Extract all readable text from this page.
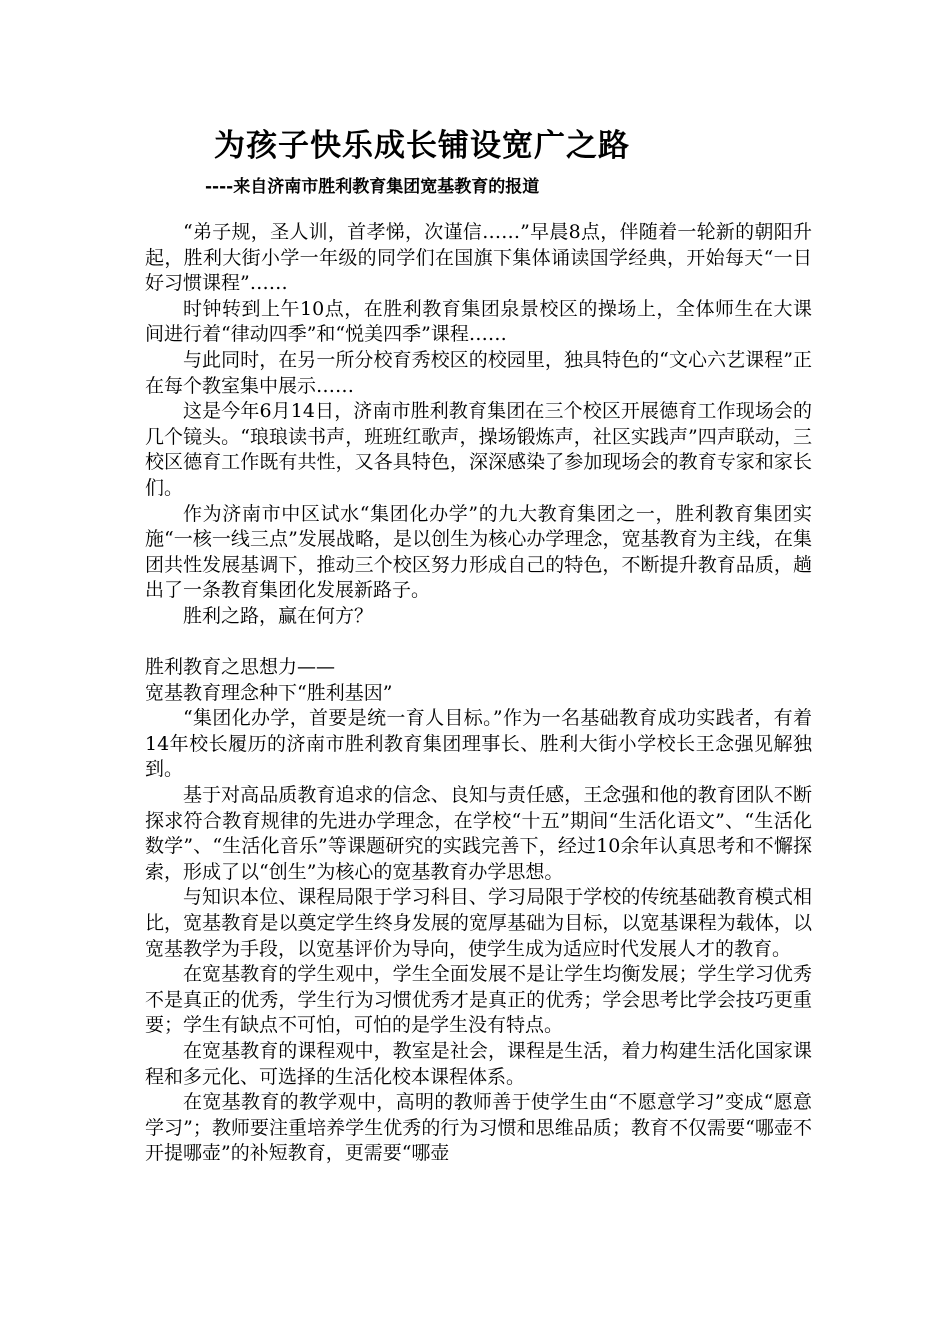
为孩子快乐成长铺设宽广之路
----来自济南市胜利教育集团宽基教育的报道

“弟子规，圣人训，首孝悌，次谨信……”早晨8点，伴随着一轮新的朝阳升起，胜利大街小学一年级的同学们在国旗下集体诵读国学经典，开始每天“一日好习惯课程”……

时钟转到上午10点，在胜利教育集团泉景校区的操场上，全体师生在大课间进行着“律动四季”和“悦美四季”课程……

与此同时，在另一所分校育秀校区的校园里，独具特色的“文心六艺课程”正在每个教室集中展示……

这是今年6月14日，济南市胜利教育集团在三个校区开展德育工作现场会的几个镜头。“琅琅读书声，班班红歌声，操场锻炼声，社区实践声”四声联动，三校区德育工作既有共性，又各具特色，深深感染了参加现场会的教育专家和家长们。

作为济南市中区试水“集团化办学”的九大教育集团之一，胜利教育集团实施“一核一线三点”发展战略，是以创生为核心办学理念，宽基教育为主线，在集团共性发展基调下，推动三个校区努力形成自己的特色，不断提升教育品质，趟出了一条教育集团化发展新路子。

胜利之路，赢在何方？

胜利教育之思想力——

宽基教育理念种下“胜利基因”

“集团化办学，首要是统一育人目标。”作为一名基础教育成功实践者，有着14年校长履历的济南市胜利教育集团理事长、胜利大街小学校长王念强见解独到。

基于对高品质教育追求的信念、良知与责任感，王念强和他的教育团队不断探求符合教育规律的先进办学理念，在学校“十五”期间“生活化语文”、“生活化数学”、“生活化音乐”等课题研究的实践完善下，经过10余年认真思考和不懈探索，形成了以“创生”为核心的宽基教育办学思想。

与知识本位、课程局限于学习科目、学习局限于学校的传统基础教育模式相比，宽基教育是以奠定学生终身发展的宽厚基础为目标，以宽基课程为载体，以宽基教学为手段，以宽基评价为导向，使学生成为适应时代发展人才的教育。

在宽基教育的学生观中，学生全面发展不是让学生均衡发展；学生学习优秀不是真正的优秀，学生行为习惯优秀才是真正的优秀；学会思考比学会技巧更重要；学生有缺点不可怕，可怕的是学生没有特点。

在宽基教育的课程观中，教室是社会，课程是生活，着力构建生活化国家课程和多元化、可选择的生活化校本课程体系。

在宽基教育的教学观中，高明的教师善于使学生由“不愿意学习”变成“愿意学习”；教师要注重培养学生优秀的行为习惯和思维品质；教育不仅需要“哪壶不开提哪壶”的补短教育，更需要“哪壶
